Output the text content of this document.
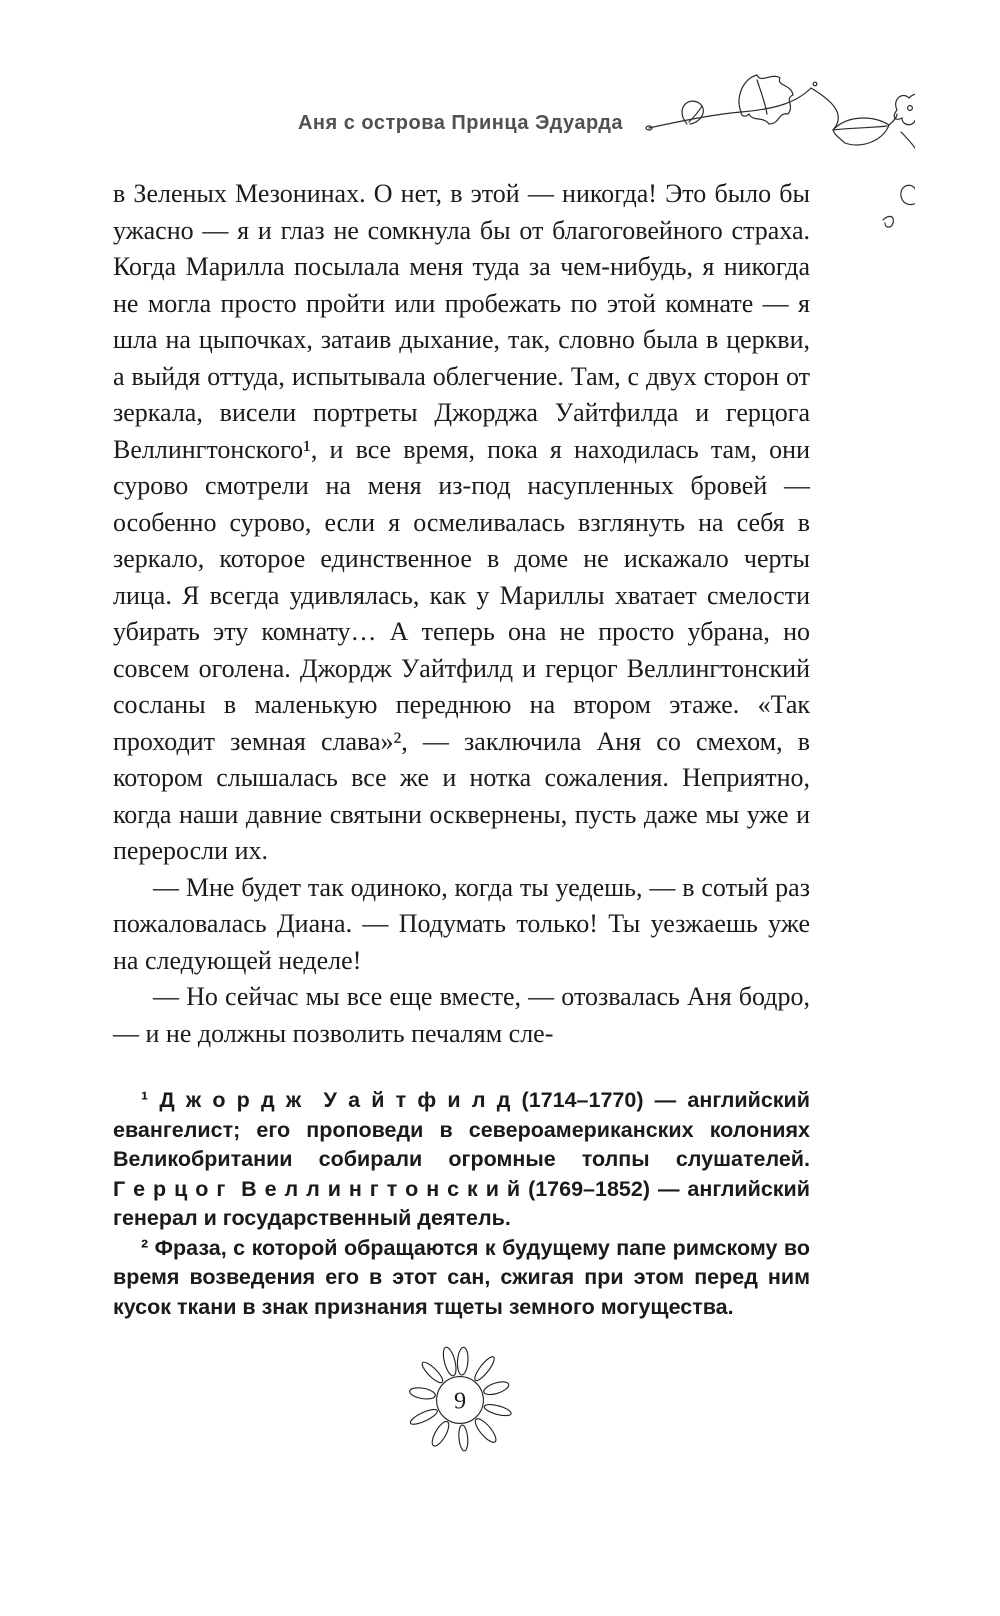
Аня с острова Принца Эдуарда

в Зеленых Мезонинах. О нет, в этой — никогда! Это было бы ужасно — я и глаз не сомкнула бы от благоговейного страха. Когда Марилла посылала меня туда за чем-нибудь, я никогда не могла просто пройти или пробежать по этой комнате — я шла на цыпочках, затаив дыхание, так, словно была в церкви, а выйдя оттуда, испытывала облегчение. Там, с двух сторон от зеркала, висели портреты Джорджа Уайтфилда и герцога Веллингтонского¹, и все время, пока я находилась там, они сурово смотрели на меня из-под насупленных бровей — особенно сурово, если я осмеливалась взглянуть на себя в зеркало, которое единственное в доме не искажало черты лица. Я всегда удивлялась, как у Мариллы хватает смелости убирать эту комнату… А теперь она не просто убрана, но совсем оголена. Джордж Уайтфилд и герцог Веллингтонский сосланы в маленькую переднюю на втором этаже. «Так проходит земная слава»², — заключила Аня со смехом, в котором слышалась все же и нотка сожаления. Неприятно, когда наши давние святыни осквернены, пусть даже мы уже и переросли их.

— Мне будет так одиноко, когда ты уедешь, — в сотый раз пожаловалась Диана. — Подумать только! Ты уезжаешь уже на следующей неделе!

— Но сейчас мы все еще вместе, — отозвалась Аня бодро, — и не должны позволить печалям сле-

¹ Д ж о р д ж  У а й т ф и л д (1714–1770) — английский евангелист; его проповеди в североамериканских колониях Великобритании собирали огромные толпы слушателей. Г е р ц о г  В е л л и н г т о н с к и й (1769–1852) — английский генерал и государственный деятель.

² Фраза, с которой обращаются к будущему папе римскому во время возведения его в этот сан, сжигая при этом перед ним кусок ткани в знак признания тщеты земного могущества.

9
